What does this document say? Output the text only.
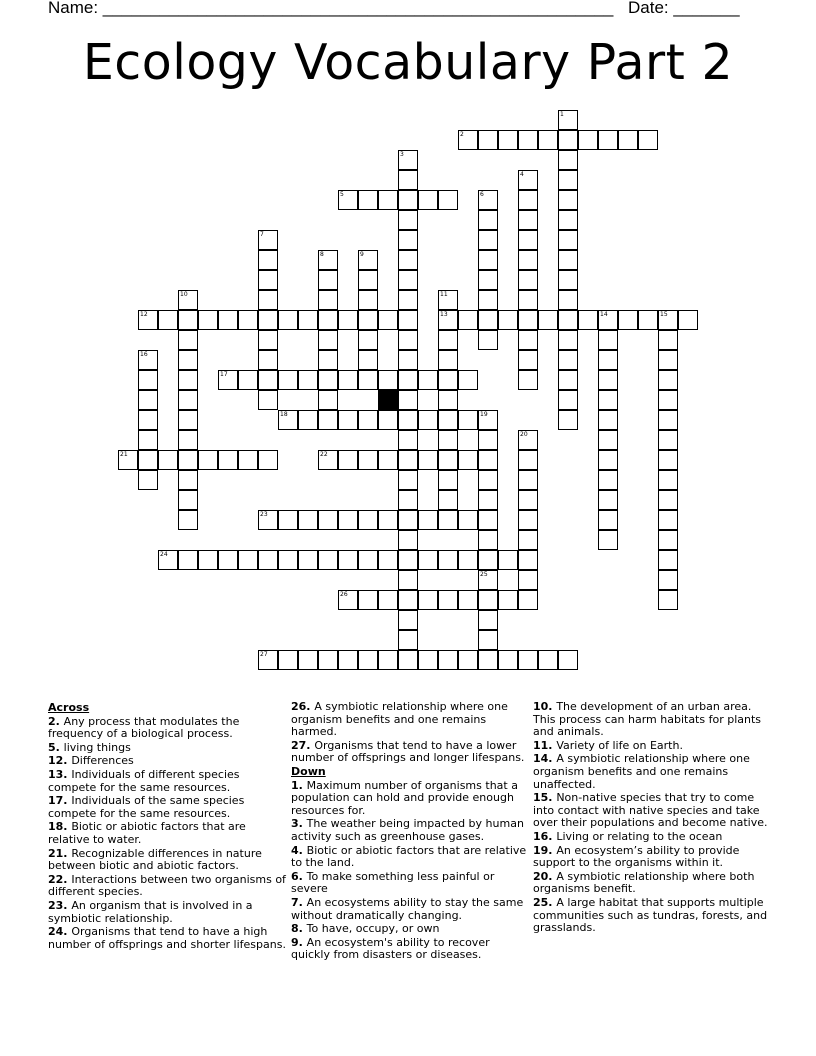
Name: ______________________________________________________ Date: _______
Ecology Vocabulary Part 2
1
2
3
4
5	6
7
8	9
10	11
12	13	14	15
16
17
18	19
20
21	22
23
24
25
26
27
Across
2. Any process that modulates the frequency of a biological process.
5. living things
12. Differences
13. Individuals of different species compete for the same resources.
17. Individuals of the same species compete for the same resources.
18. Biotic or abiotic factors that are relative to water.
21. Recognizable differences in nature between biotic and abiotic factors.
22. Interactions between two organisms of different species.
23. An organism that is involved in a symbiotic relationship.
24. Organisms that tend to have a high number of offsprings and shorter lifespans.
26. A symbiotic relationship where one organism benefits and one remains harmed.
27. Organisms that tend to have a lower number of offsprings and longer lifespans.
Down
1. Maximum number of organisms that a population can hold and provide enough resources for.
3. The weather being impacted by human activity such as greenhouse gases.
4. Biotic or abiotic factors that are relative to the land.
6. To make something less painful or severe
7. An ecosystems ability to stay the same without dramatically changing.
8. To have, occupy, or own
9. An ecosystem's ability to recover quickly from disasters or diseases.
10. The development of an urban area. This process can harm habitats for plants and animals.
11. Variety of life on Earth.
14. A symbiotic relationship where one organism benefits and one remains unaffected.
15. Non-native species that try to come into contact with native species and take over their populations and become native.
16. Living or relating to the ocean
19. An ecosystem’s ability to provide support to the organisms within it.
20. A symbiotic relationship where both organisms benefit.
25. A large habitat that supports multiple communities such as tundras, forests, and grasslands.
